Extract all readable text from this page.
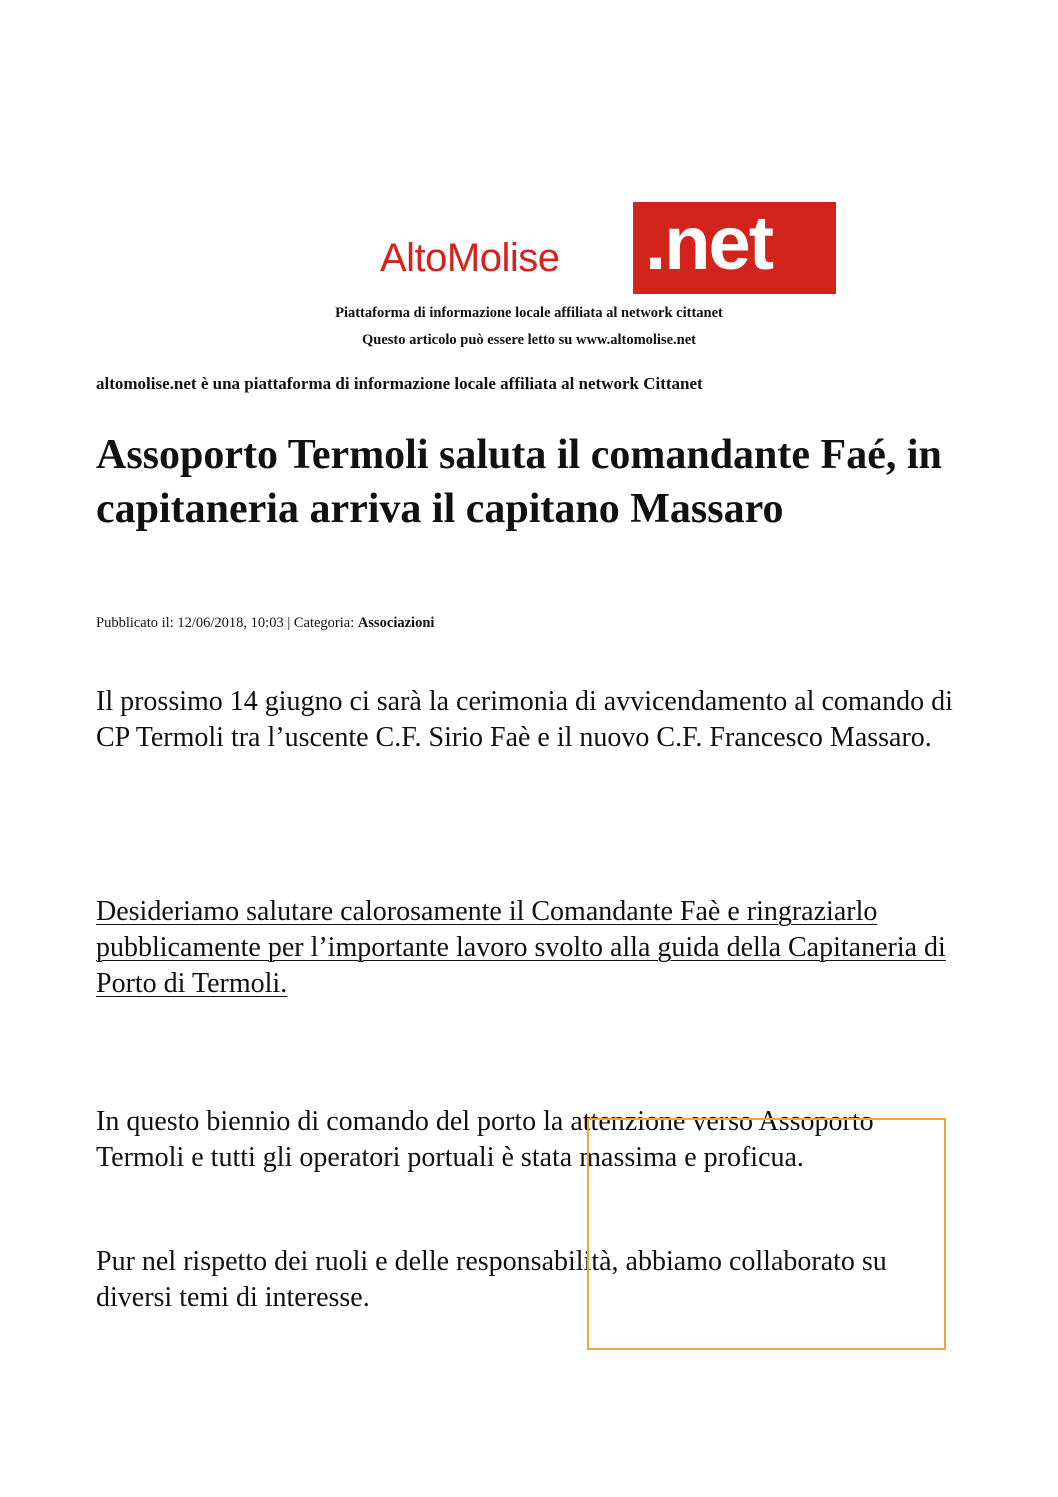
AltoMolise .net
Piattaforma di informazione locale affiliata al network cittanet
Questo articolo può essere letto su www.altomolise.net
altomolise.net è una piattaforma di informazione locale affiliata al network Cittanet
Assoporto Termoli saluta il comandante Faé, in capitaneria arriva il capitano Massaro
Pubblicato il: 12/06/2018, 10:03 | Categoria: Associazioni

Il prossimo 14 giugno ci sarà la cerimonia di avvicendamento al comando di CP Termoli tra l’uscente C.F. Sirio Faè e il nuovo C.F. Francesco Massaro.

Desideriamo salutare calorosamente il Comandante Faè e ringraziarlo pubblicamente per l’importante lavoro svolto alla guida della Capitaneria di Porto di Termoli.

In questo biennio di comando del porto la attenzione verso Assoporto Termoli e tutti gli operatori portuali è stata massima e proficua.

Pur nel rispetto dei ruoli e delle responsabilità, abbiamo collaborato su diversi temi di interesse.
